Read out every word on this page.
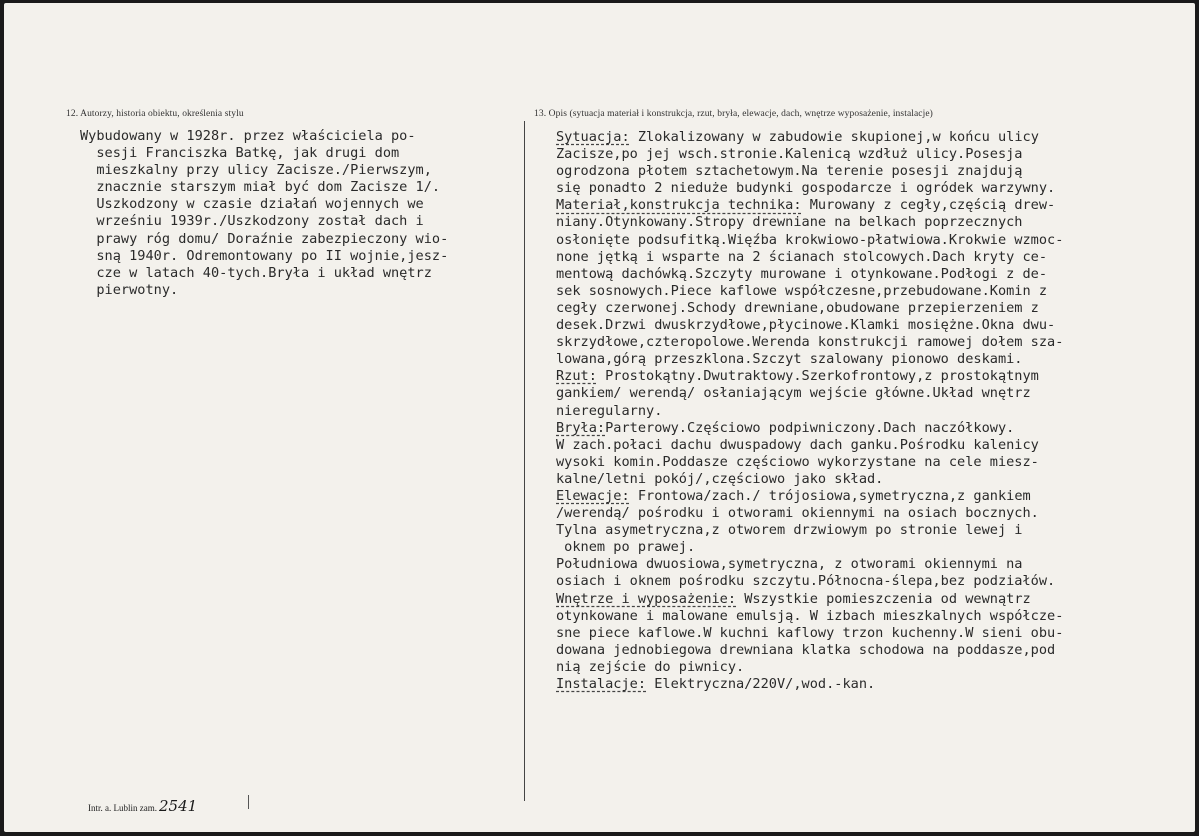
12. Autorzy, historia obiektu, określenia stylu	13. Opis (sytuacja materiał i konstrukcja, rzut, bryła, elewacje, dach, wnętrze wyposażenie, instalacje)
Wybudowany w 1928r. przez właściciela po-
sesji Franciszka Batkę, jak drugi dom
mieszkalny przy ulicy Zacisze./Pierwszym,
znacznie starszym miał być dom Zacisze 1/.
Uszkodzony w czasie działań wojennych we
wrześniu 1939r./Uszkodzony został dach i
prawy róg domu/ Doraźnie zabezpieczony wio-
sną 1940r. Odremontowany po II wojnie,jesz-
cze w latach 40-tych.Bryła i układ wnętrz
pierwotny.
Sytuacja: Zlokalizowany w zabudowie skupionej,w końcu ulicy
Zacisze,po jej wsch.stronie.Kalenicą wzdłuż ulicy.Posesja
ogrodzona płotem sztachetowym.Na terenie posesji znajdują
się ponadto 2 nieduże budynki gospodarcze i ogródek warzywny.
Materiał,konstrukcja technika: Murowany z cegły,częścią drew-
niany.Otynkowany.Stropy drewniane na belkach poprzecznych
osłonięte podsufitką.Więźba krokwiowo-płatwiowa.Krokwie wzmoc-
none jętką i wsparte na 2 ścianach stolcowych.Dach kryty ce-
mentową dachówką.Szczyty murowane i otynkowane.Podłogi z de-
sek sosnowych.Piece kaflowe współczesne,przebudowane.Komin z
cegły czerwonej.Schody drewniane,obudowane przepierzeniem z
desek.Drzwi dwuskrzydłowe,płycinowe.Klamki mosiężne.Okna dwu-
skrzydłowe,czteropolowe.Werenda konstrukcji ramowej dołem sza-
lowana,górą przeszklona.Szczyt szalowany pionowo deskami.
Rzut: Prostokątny.Dwutraktowy.Szerkofrontowy,z prostokątnym
gankiem/ werendą/ osłaniającym wejście główne.Układ wnętrz
nieregularny.
Bryła:Parterowy.Częściowo podpiwniczony.Dach naczółkowy.
W zach.połaci dachu dwuspadowy dach ganku.Pośrodku kalenicy
wysoki komin.Poddasze częściowo wykorzystane na cele miesz-
kalne/letni pokój/,częściowo jako skład.
Elewacje: Frontowa/zach./ trójosiowa,symetryczna,z gankiem
/werendą/ pośrodku i otworami okiennymi na osiach bocznych.
Tylna asymetryczna,z otworem drzwiowym po stronie lewej i
oknem po prawej.
Południowa dwuosiowa,symetryczna, z otworami okiennymi na
osiach i oknem pośrodku szczytu.Północna-ślepa,bez podziałów.
Wnętrze i wyposażenie: Wszystkie pomieszczenia od wewnątrz
otynkowane i malowane emulsją. W izbach mieszkalnych współcze-
sne piece kaflowe.W kuchni kaflowy trzon kuchenny.W sieni obu-
dowana jednobiegowa drewniana klatka schodowa na poddasze,pod
nią zejście do piwnicy.
Instalacje: Elektryczna/220V/,wod.-kan.
Intr. a. Lublin zam. 2541
